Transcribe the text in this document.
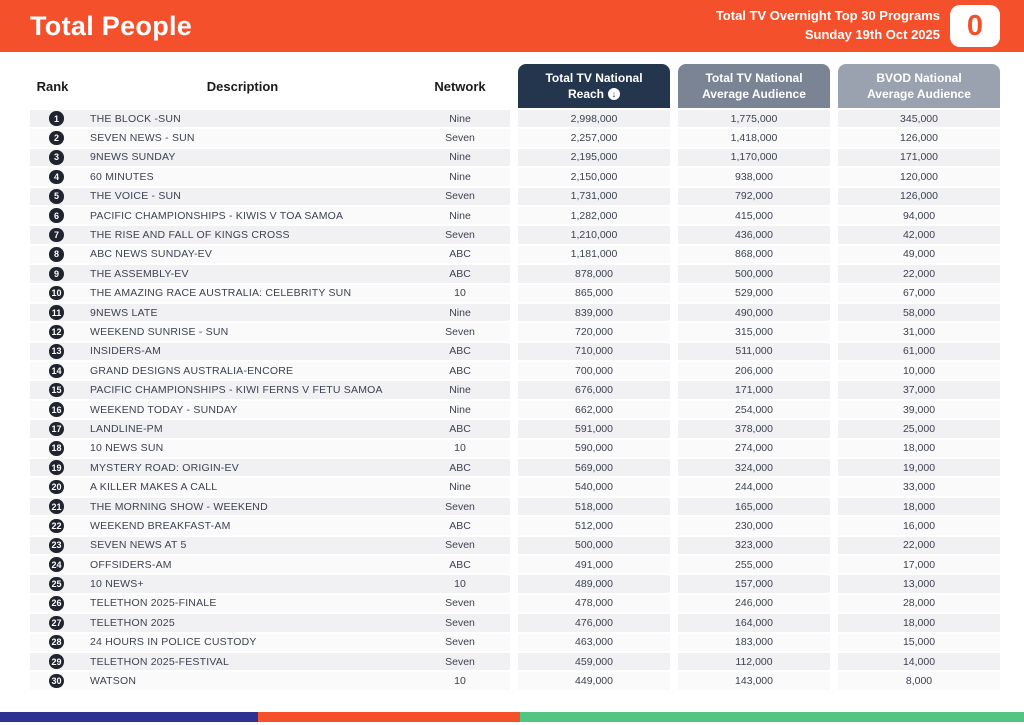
Total People	Total TV Overnight Top 30 Programs
Sunday 19th Oct 2025 0
Rank	Description	Network
Total TV National
Reach ↓
Total TV National
Average Audience
BVOD National
Average Audience
1	THE BLOCK -SUN	Nine	2,998,000	1,775,000	345,000
2	SEVEN NEWS - SUN	Seven	2,257,000	1,418,000	126,000
3	9NEWS SUNDAY	Nine	2,195,000	1,170,000	171,000
4	60 MINUTES	Nine	2,150,000	938,000	120,000
5	THE VOICE - SUN	Seven	1,731,000	792,000	126,000
6	PACIFIC CHAMPIONSHIPS - KIWIS V TOA SAMOA	Nine	1,282,000	415,000	94,000
7	THE RISE AND FALL OF KINGS CROSS	Seven	1,210,000	436,000	42,000
8	ABC NEWS SUNDAY-EV	ABC	1,181,000	868,000	49,000
9	THE ASSEMBLY-EV	ABC	878,000	500,000	22,000
10	THE AMAZING RACE AUSTRALIA: CELEBRITY SUN	10	865,000	529,000	67,000
11	9NEWS LATE	Nine	839,000	490,000	58,000
12	WEEKEND SUNRISE - SUN	Seven	720,000	315,000	31,000
13	INSIDERS-AM	ABC	710,000	511,000	61,000
14	GRAND DESIGNS AUSTRALIA-ENCORE	ABC	700,000	206,000	10,000
15	PACIFIC CHAMPIONSHIPS - KIWI FERNS V FETU SAMOA	Nine	676,000	171,000	37,000
16	WEEKEND TODAY - SUNDAY	Nine	662,000	254,000	39,000
17	LANDLINE-PM	ABC	591,000	378,000	25,000
18	10 NEWS SUN	10	590,000	274,000	18,000
19	MYSTERY ROAD: ORIGIN-EV	ABC	569,000	324,000	19,000
20	A KILLER MAKES A CALL	Nine	540,000	244,000	33,000
21	THE MORNING SHOW - WEEKEND	Seven	518,000	165,000	18,000
22	WEEKEND BREAKFAST-AM	ABC	512,000	230,000	16,000
23	SEVEN NEWS AT 5	Seven	500,000	323,000	22,000
24	OFFSIDERS-AM	ABC	491,000	255,000	17,000
25	10 NEWS+	10	489,000	157,000	13,000
26	TELETHON 2025-FINALE	Seven	478,000	246,000	28,000
27	TELETHON 2025	Seven	476,000	164,000	18,000
28	24 HOURS IN POLICE CUSTODY	Seven	463,000	183,000	15,000
29	TELETHON 2025-FESTIVAL	Seven	459,000	112,000	14,000
30	WATSON	10	449,000	143,000	8,000
